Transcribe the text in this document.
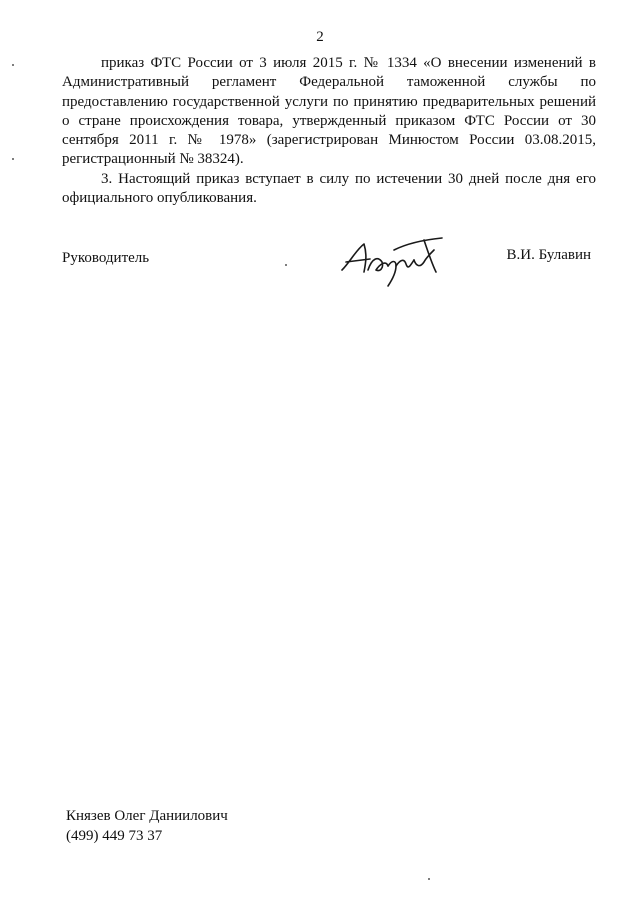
2

приказ ФТС России от 3 июля 2015 г. № 1334 «О внесении изменений в Административный регламент Федеральной таможенной службы по предоставлению государственной услуги по принятию предварительных решений о стране происхождения товара, утвержденный приказом ФТС России от 30 сентября 2011 г. № 1978» (зарегистрирован Минюстом России 03.08.2015, регистрационный № 38324).

3. Настоящий приказ вступает в силу по истечении 30 дней после дня его официального опубликования.

Руководитель	В.И. Булавин
Князев Олег Даниилович
(499) 449 73 37
